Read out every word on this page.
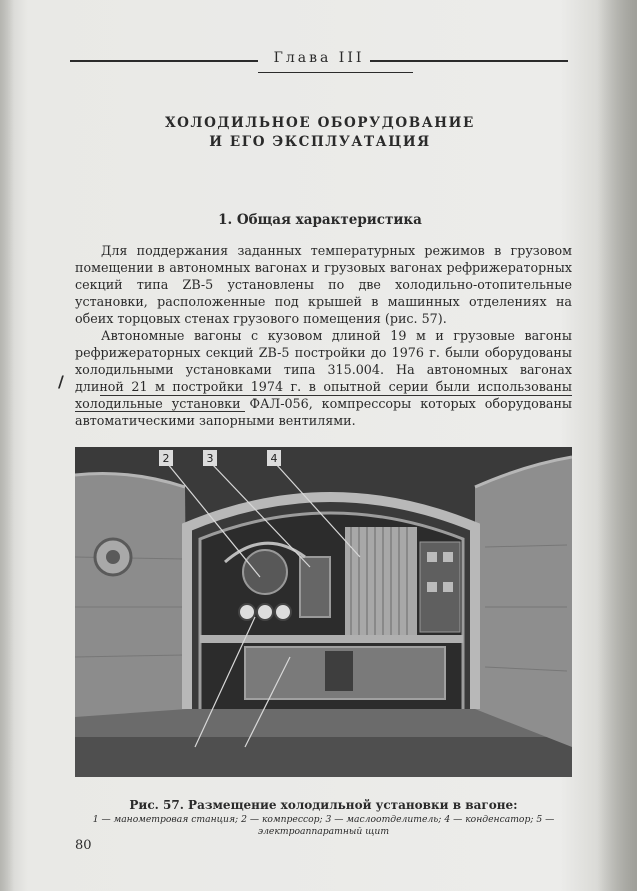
Глава III
ХОЛОДИЛЬНОЕ ОБОРУДОВАНИЕ
И ЕГО ЭКСПЛУАТАЦИЯ
1. Общая характеристика

Для поддержания заданных температурных режимов в грузовом помещении в автономных вагонах и грузовых вагонах рефрижераторных секций типа ZB-5 установлены по две холодильно-отопительные установки, расположенные под крышей в машинных отделениях на обеих торцовых стенах грузового помещения (рис. 57).

Автономные вагоны с кузовом длиной 19 м и грузовые вагоны рефрижераторных секций ZB-5 постройки до 1976 г. были оборудованы холодильными установками типа 315.004. На автономных вагонах длиной 21 м постройки 1974 г. в опытной серии были использованы холодильные установки ФАЛ-056, компрессоры которых оборудованы автоматическими запорными вентилями.

/
2	3	4
Рис. 57. Размещение холодильной установки в вагоне:
1 — манометровая станция; 2 — компрессор; 3 — маслоотделитель; 4 — конденсатор; 5 — электроаппаратный щит
80
